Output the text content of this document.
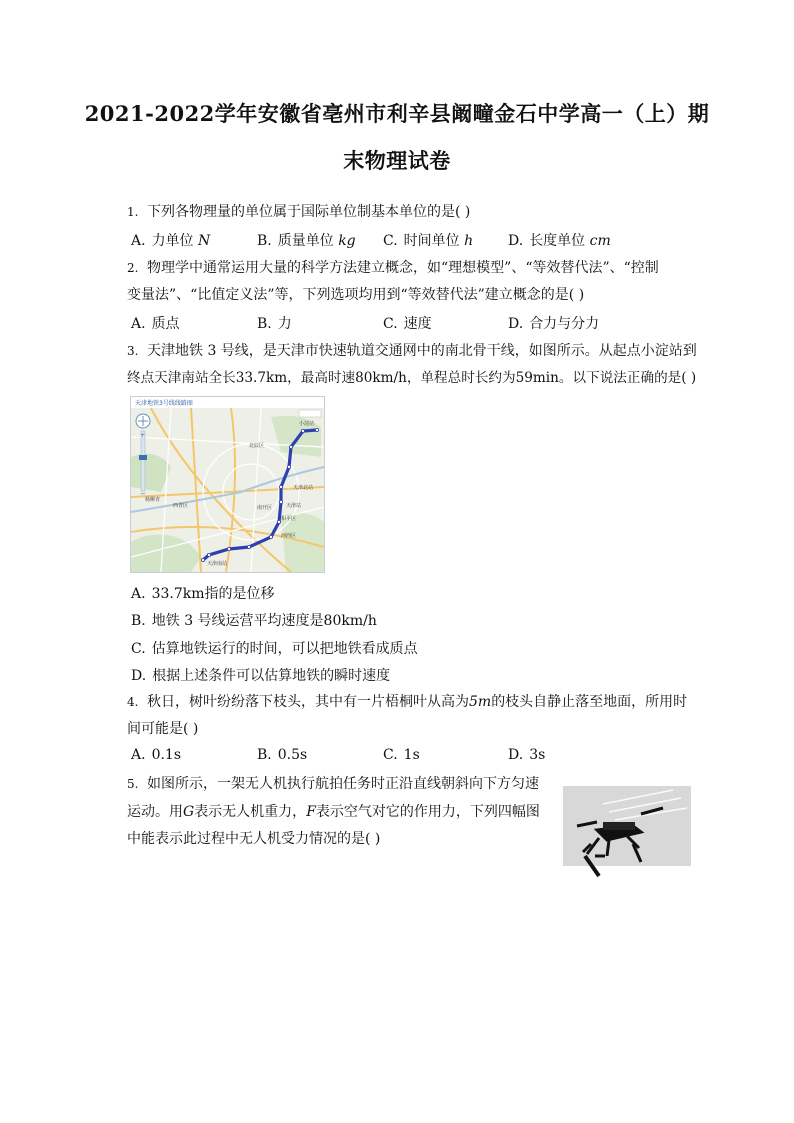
2021-2022学年安徽省亳州市利辛县阚疃金石中学高一（上）期
末物理试卷
1. 下列各物理量的单位属于国际单位制基本单位的是( )
A. 力单位 N	B. 质量单位 kg C. 时间单位 h D. 长度单位 cm
2. 物理学中通常运用大量的科学方法建立概念，如“理想模型”、“等效替代法”、“控制
变量法”、“比值定义法”等，下列选项均用到“等效替代法”建立概念的是( )
A. 质点	B. 力	C. 速度	D. 合力与分力
3. 天津地铁 3 号线，是天津市快速轨道交通网中的南北骨干线，如图所示。从起点小淀站到
终点天津南站全长33.7km，最高时速80km/h，单程总时长约为59min。以下说法正确的是( )
天津地铁3号线线路图
北辰区
天津北站
天津站
南开区
和平区
河西区
西青区
天津南站
杨柳青
小淀站
+
−
A. 33.7km指的是位移
B. 地铁 3 号线运营平均速度是80km/h
C. 估算地铁运行的时间，可以把地铁看成质点
D. 根据上述条件可以估算地铁的瞬时速度
4. 秋日，树叶纷纷落下枝头，其中有一片梧桐叶从高为5m的枝头自静止落至地面，所用时
间可能是( )
A. 0.1s	B. 0.5s	C. 1s	D. 3s
5. 如图所示，一架无人机执行航拍任务时正沿直线朝斜向下方匀速
运动。用G表示无人机重力，F表示空气对它的作用力，下列四幅图
中能表示此过程中无人机受力情况的是( )
